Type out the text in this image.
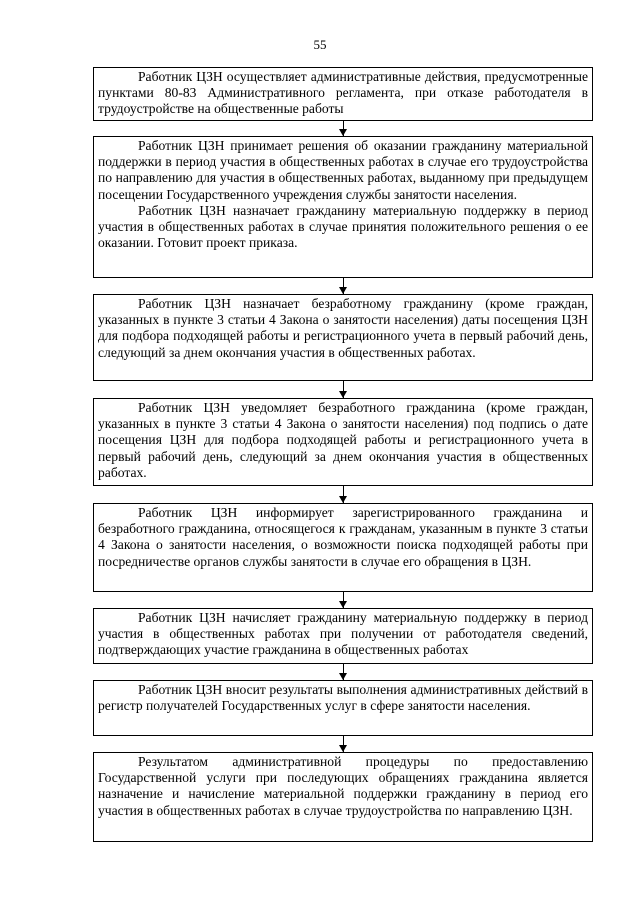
55

Работник ЦЗН осуществляет административные действия, предусмотренные пунктами 80-83 Административного регламента, при отказе работодателя в трудоустройстве на общественные работы

Работник ЦЗН принимает решения об оказании гражданину материальной поддержки в период участия в общественных работах в случае его трудоустройства по направлению для участия в общественных работах, выданному при предыдущем посещении Государственного учреждения службы занятости населения.

Работник ЦЗН назначает гражданину материальную поддержку в период участия в общественных работах в случае принятия положительного решения о ее оказании. Готовит проект приказа.

Работник ЦЗН назначает безработному гражданину (кроме граждан, указанных в пункте 3 статьи 4 Закона о занятости населения) даты посещения ЦЗН для подбора подходящей работы и регистрационного учета в первый рабочий день, следующий за днем окончания участия в общественных работах.

Работник ЦЗН уведомляет безработного гражданина (кроме граждан, указанных в пункте 3 статьи 4 Закона о занятости населения) под подпись о дате посещения ЦЗН для подбора подходящей работы и регистрационного учета в первый рабочий день, следующий за днем окончания участия в общественных работах.

Работник ЦЗН информирует зарегистрированного гражданина и безработного гражданина, относящегося к гражданам, указанным в пункте 3 статьи 4 Закона о занятости населения, о возможности поиска подходящей работы при посредничестве органов службы занятости в случае его обращения в ЦЗН.

Работник ЦЗН начисляет гражданину материальную поддержку в период участия в общественных работах при получении от работодателя сведений, подтверждающих участие гражданина в общественных работах

Работник ЦЗН вносит результаты выполнения административных действий в регистр получателей Государственных услуг в сфере занятости населения.

Результатом административной процедуры по предоставлению Государственной услуги при последующих обращениях гражданина является назначение и начисление материальной поддержки гражданину в период его участия в общественных работах в случае трудоустройства по направлению ЦЗН.
